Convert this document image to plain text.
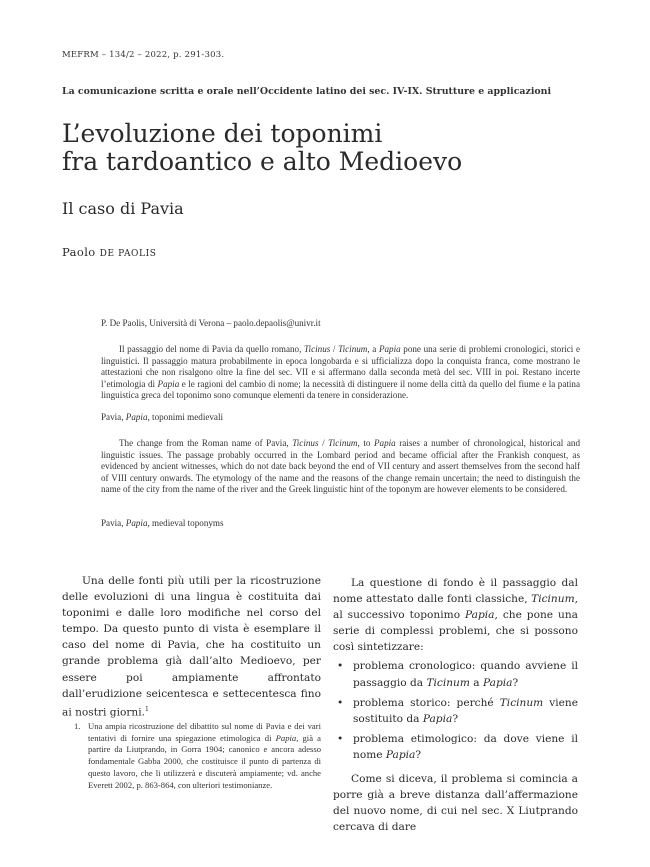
MEFRM – 134/2 – 2022, p. 291-303.
La comunicazione scritta e orale nell’Occidente latino dei sec. IV-IX. Strutture e applicazioni
L’evoluzione dei toponimi
fra tardoantico e alto Medioevo
Il caso di Pavia
Paolo DE PAOLIS
P. De Paolis, Università di Verona – paolo.depaolis@univr.it

Il passaggio del nome di Pavia da quello romano, Ticinus / Ticinum, a Papia pone una serie di problemi cronologici, storici e linguistici. Il passaggio matura probabilmente in epoca longobarda e si ufficializza dopo la conquista franca, come mostrano le attestazioni che non risalgono oltre la fine del sec. VII e si affermano dalla seconda metà del sec. VIII in poi. Restano incerte l’etimologia di Papia e le ragioni del cambio di nome; la necessità di distinguere il nome della città da quello del fiume e la patina linguistica greca del toponimo sono comunque elementi da tenere in considerazione.

Pavia, Papia, toponimi medievali

The change from the Roman name of Pavia, Ticinus / Ticinum, to Papia raises a number of chronological, historical and linguistic issues. The passage probably occurred in the Lombard period and became official after the Frankish conquest, as evidenced by ancient witnesses, which do not date back beyond the end of VII century and assert themselves from the second half of VIII century onwards. The etymology of the name and the reasons of the change remain uncertain; the need to distinguish the name of the city from the name of the river and the Greek linguistic hint of the toponym are however elements to be considered.

Pavia, Papia, medieval toponyms
Una delle fonti più utili per la ricostruzione delle evoluzioni di una lingua è costituita dai toponimi e dalle loro modifiche nel corso del tempo. Da questo punto di vista è esemplare il caso del nome di Pavia, che ha costituito un grande problema già dall’alto Medioevo, per essere poi ampiamente affrontato dall’erudizione seicentesca e settecentesca fino ai nostri giorni.$^1$
1. Una ampia ricostruzione del dibattito sul nome di Pavia e dei vari tentativi di fornire una spiegazione etimologica di Papia, già a partire da Liutprando, in Gorra 1904; canonico e ancora adesso fondamentale Gabba 2000, che costituisce il punto di partenza di questo lavoro, che li utilizzerà e discuterà ampiamente; vd. anche Everett 2002, p. 863-864, con ulteriori testimonianze.

La questione di fondo è il passaggio dal nome attestato dalle fonti classiche, Ticinum, al successivo toponimo Papia, che pone una serie di complessi problemi, che si possono così sintetizzare:

• problema cronologico: quando avviene il passaggio da Ticinum a Papia?
• problema storico: perché Ticinum viene sostituito da Papia?
• problema etimologico: da dove viene il nome Papia?

Come si diceva, il problema si comincia a porre già a breve distanza dall’affermazione del nuovo nome, di cui nel sec. X Liutprando cercava di dare
